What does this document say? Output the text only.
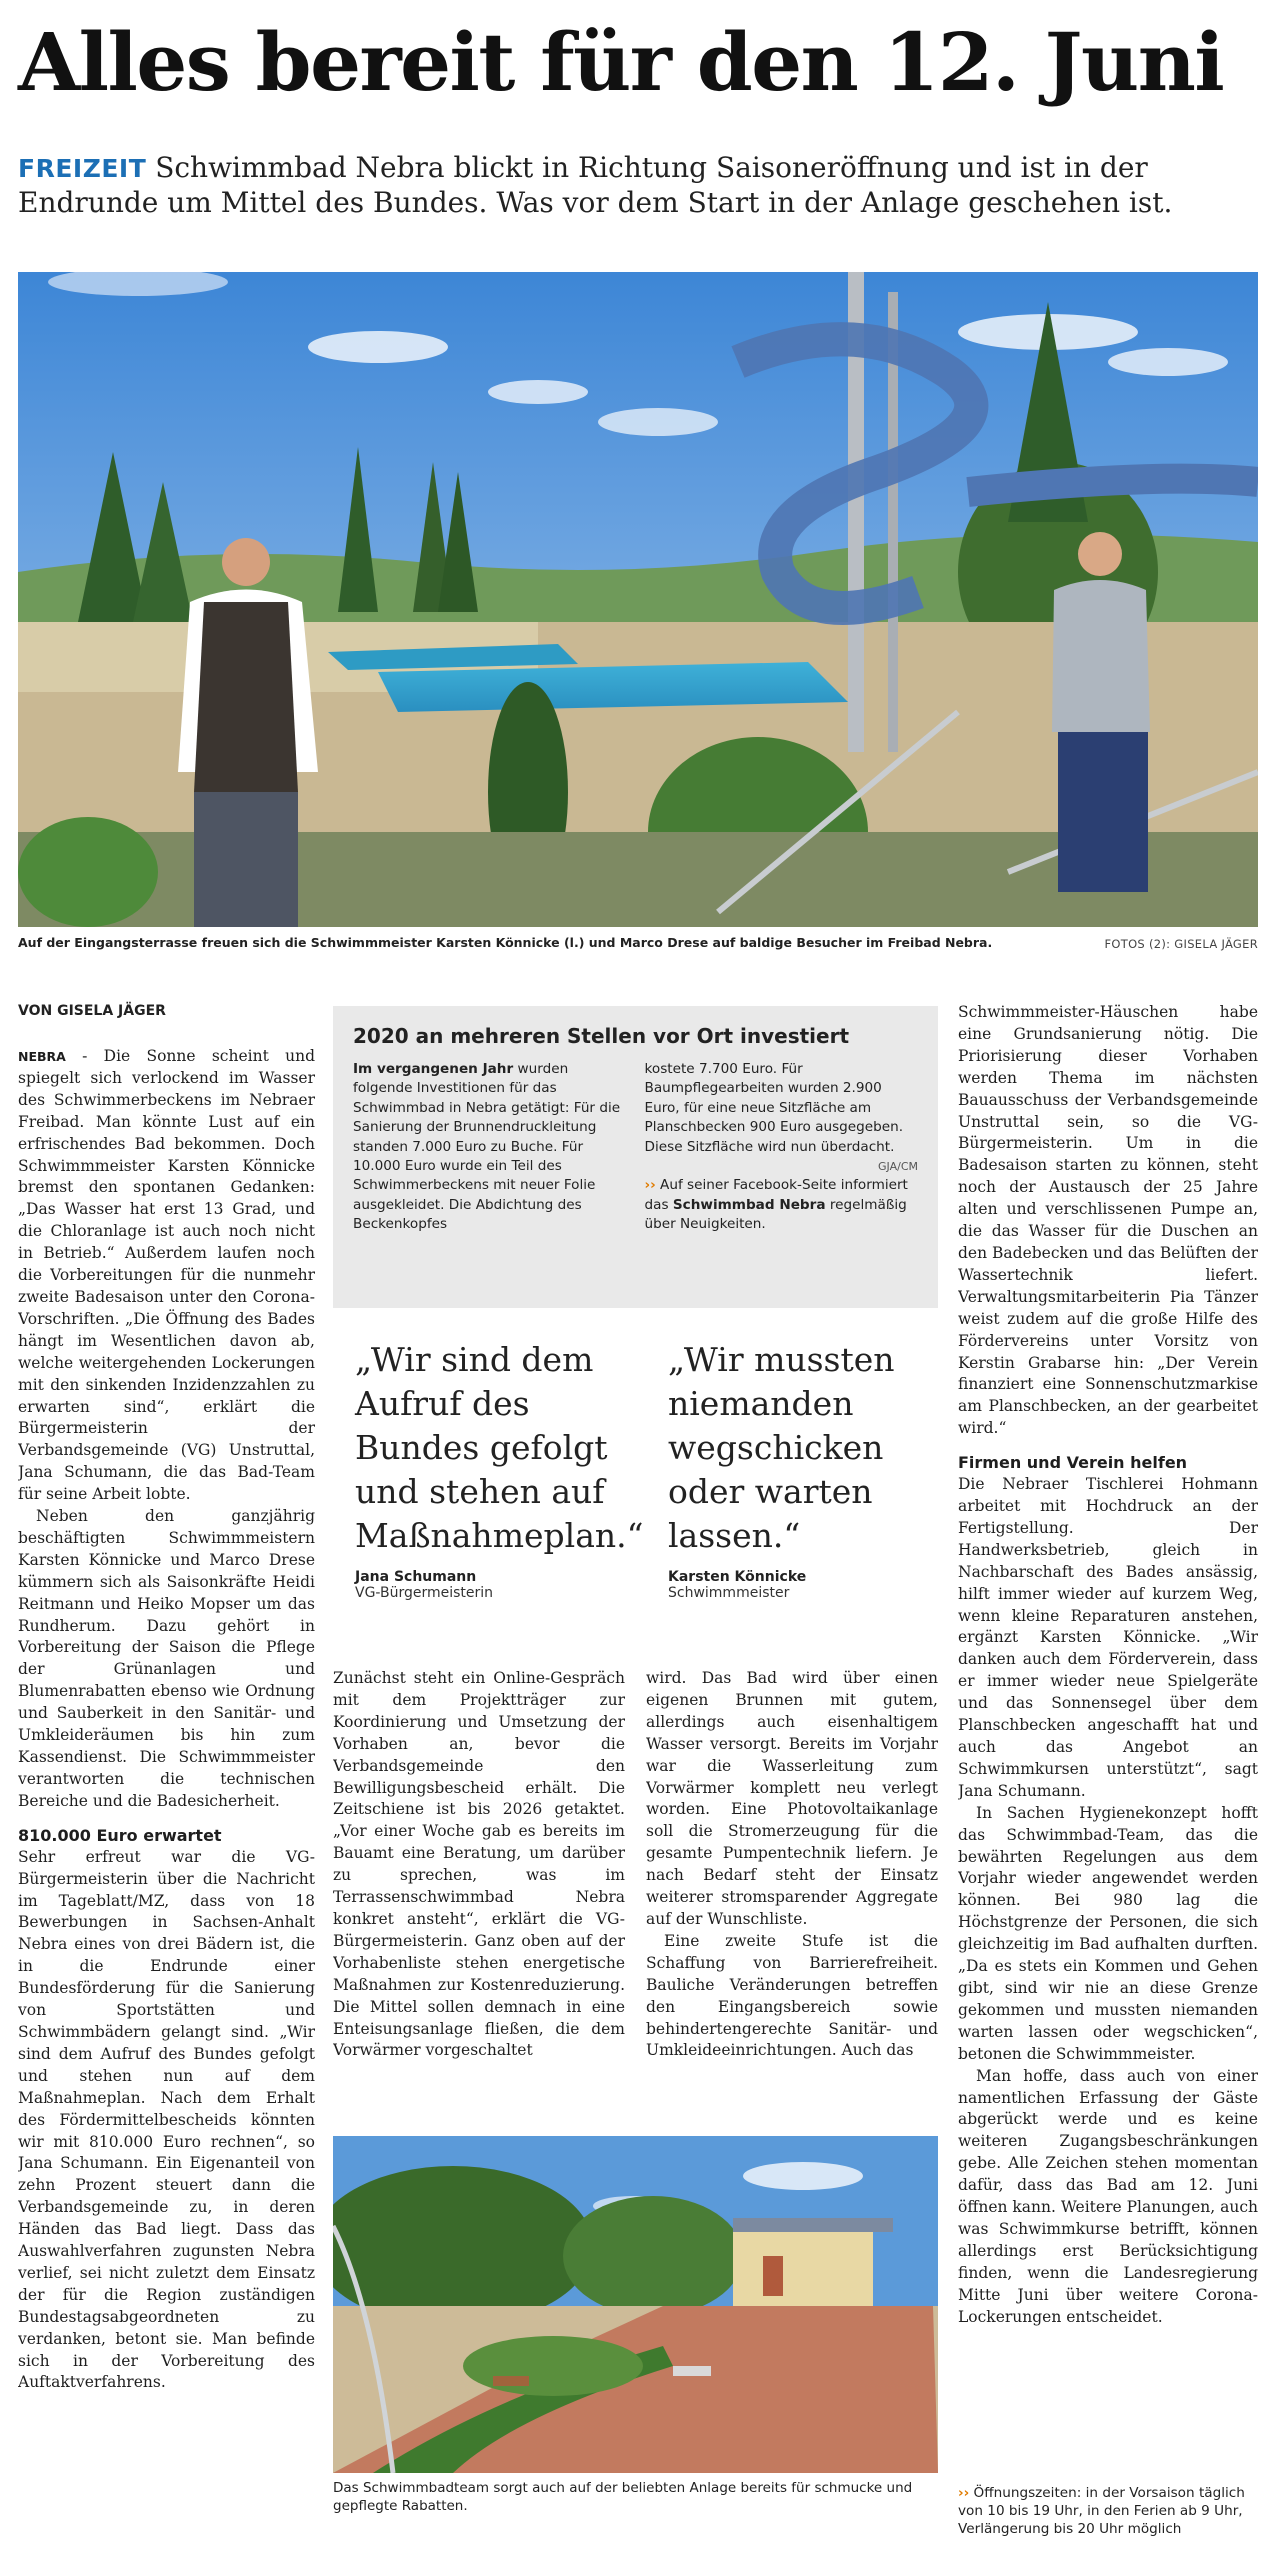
Alles bereit für den 12. Juni
FREIZEIT Schwimmbad Nebra blickt in Richtung Saisoneröffnung und ist in der Endrunde um Mittel des Bundes. Was vor dem Start in der Anlage geschehen ist.
Auf der Eingangsterrasse freuen sich die Schwimmmeister Karsten Könnicke (l.) und Marco Drese auf baldige Besucher im Freibad Nebra.	FOTOS (2): GISELA JÄGER
VON GISELA JÄGER

NEBRA - Die Sonne scheint und spiegelt sich verlockend im Wasser des Schwimmerbeckens im Nebraer Freibad. Man könnte Lust auf ein erfrischendes Bad bekommen. Doch Schwimmmeister Karsten Könnicke bremst den spontanen Gedanken: „Das Wasser hat erst 13 Grad, und die Chloranlage ist auch noch nicht in Betrieb.“ Außerdem laufen noch die Vorbereitungen für die nunmehr zweite Badesaison unter den Corona-Vorschriften. „Die Öffnung des Bades hängt im Wesentlichen davon ab, welche weitergehenden Lockerungen mit den sinkenden Inzidenzzahlen zu erwarten sind“, erklärt die Bürgermeisterin der Verbandsgemeinde (VG) Unstruttal, Jana Schumann, die das Bad-Team für seine Arbeit lobte.

Neben den ganzjährig beschäftigten Schwimmmeistern Karsten Könnicke und Marco Drese kümmern sich als Saisonkräfte Heidi Reitmann und Heiko Mopser um das Rundherum. Dazu gehört in Vorbereitung der Saison die Pflege der Grünanlagen und Blumenrabatten ebenso wie Ordnung und Sauberkeit in den Sanitär- und Umkleideräumen bis hin zum Kassendienst. Die Schwimmmeister verantworten die technischen Bereiche und die Badesicherheit.

810.000 Euro erwartet

Sehr erfreut war die VG-Bürgermeisterin über die Nachricht im Tageblatt/MZ, dass von 18 Bewerbungen in Sachsen-Anhalt Nebra eines von drei Bädern ist, die in die Endrunde einer Bundesförderung für die Sanierung von Sportstätten und Schwimmbädern gelangt sind. „Wir sind dem Aufruf des Bundes gefolgt und stehen nun auf dem Maßnahmeplan. Nach dem Erhalt des Fördermittelbescheids könnten wir mit 810.000 Euro rechnen“, so Jana Schumann. Ein Eigenanteil von zehn Prozent steuert dann die Verbandsgemeinde zu, in deren Händen das Bad liegt. Dass das Auswahlverfahren zugunsten Nebra verlief, sei nicht zuletzt dem Einsatz der für die Region zuständigen Bundestagsabgeordneten zu verdanken, betont sie. Man befinde sich in der Vorbereitung des Auftaktverfahrens.

2020 an mehreren Stellen vor Ort investiert
Im vergangenen Jahr wurden folgende Investitionen für das Schwimmbad in Nebra getätigt: Für die Sanierung der Brunnendruckleitung standen 7.000 Euro zu Buche. Für 10.000 Euro wurde ein Teil des Schwimmerbeckens mit neuer Folie ausgekleidet. Die Abdichtung des Beckenkopfes
kostete 7.700 Euro. Für Baumpflegearbeiten wurden 2.900 Euro, für eine neue Sitzfläche am Planschbecken 900 Euro ausgegeben. Diese Sitzfläche wird nun überdacht.
GJA/CM
›› Auf seiner Facebook-Seite informiert das Schwimmbad Nebra regelmäßig über Neuigkeiten.
„Wir sind dem Aufruf des Bundes gefolgt und stehen auf Maßnahmeplan.“
Jana Schumann
VG-Bürgermeisterin
„Wir mussten niemanden wegschicken oder warten lassen.“
Karsten Könnicke
Schwimmmeister

Zunächst steht ein Online-Gespräch mit dem Projektträger zur Koordinierung und Umsetzung der Vorhaben an, bevor die Verbandsgemeinde den Bewilligungsbescheid erhält. Die Zeitschiene ist bis 2026 getaktet. „Vor einer Woche gab es bereits im Bauamt eine Beratung, um darüber zu sprechen, was im Terrassenschwimmbad Nebra konkret ansteht“, erklärt die VG-Bürgermeisterin. Ganz oben auf der Vorhabenliste stehen energetische Maßnahmen zur Kostenreduzierung. Die Mittel sollen demnach in eine Enteisungsanlage fließen, die dem Vorwärmer vorgeschaltet

wird. Das Bad wird über einen eigenen Brunnen mit gutem, allerdings auch eisenhaltigem Wasser versorgt. Bereits im Vorjahr war die Wasserleitung zum Vorwärmer komplett neu verlegt worden. Eine Photovoltaikanlage soll die Stromerzeugung für die gesamte Pumpentechnik liefern. Je nach Bedarf steht der Einsatz weiterer stromsparender Aggregate auf der Wunschliste.

Eine zweite Stufe ist die Schaffung von Barrierefreiheit. Bauliche Veränderungen betreffen den Eingangsbereich sowie behindertengerechte Sanitär- und Umkleideeinrichtungen. Auch das

Das Schwimmbadteam sorgt auch auf der beliebten Anlage bereits für schmucke und gepflegte Rabatten.

Schwimmmeister-Häuschen habe eine Grundsanierung nötig. Die Priorisierung dieser Vorhaben werden Thema im nächsten Bauausschuss der Verbandsgemeinde Unstruttal sein, so die VG-Bürgermeisterin. Um in die Badesaison starten zu können, steht noch der Austausch der 25 Jahre alten und verschlissenen Pumpe an, die das Wasser für die Duschen an den Badebecken und das Belüften der Wassertechnik liefert. Verwaltungsmitarbeiterin Pia Tänzer weist zudem auf die große Hilfe des Fördervereins unter Vorsitz von Kerstin Grabarse hin: „Der Verein finanziert eine Sonnenschutzmarkise am Planschbecken, an der gearbeitet wird.“

Firmen und Verein helfen

Die Nebraer Tischlerei Hohmann arbeitet mit Hochdruck an der Fertigstellung. Der Handwerksbetrieb, gleich in Nachbarschaft des Bades ansässig, hilft immer wieder auf kurzem Weg, wenn kleine Reparaturen anstehen, ergänzt Karsten Könnicke. „Wir danken auch dem Förderverein, dass er immer wieder neue Spielgeräte und das Sonnensegel über dem Planschbecken angeschafft hat und auch das Angebot an Schwimmkursen unterstützt“, sagt Jana Schumann.

In Sachen Hygienekonzept hofft das Schwimmbad-Team, das die bewährten Regelungen aus dem Vorjahr wieder angewendet werden können. Bei 980 lag die Höchstgrenze der Personen, die sich gleichzeitig im Bad aufhalten durften. „Da es stets ein Kommen und Gehen gibt, sind wir nie an diese Grenze gekommen und mussten niemanden warten lassen oder wegschicken“, betonen die Schwimmmeister.

Man hoffe, dass auch von einer namentlichen Erfassung der Gäste abgerückt werde und es keine weiteren Zugangsbeschränkungen gebe. Alle Zeichen stehen momentan dafür, dass das Bad am 12. Juni öffnen kann. Weitere Planungen, auch was Schwimmkurse betrifft, können allerdings erst Berücksichtigung finden, wenn die Landesregierung Mitte Juni über weitere Corona-Lockerungen entscheidet.

›› Öffnungszeiten: in der Vorsaison täglich von 10 bis 19 Uhr, in den Ferien ab 9 Uhr, Verlängerung bis 20 Uhr möglich
